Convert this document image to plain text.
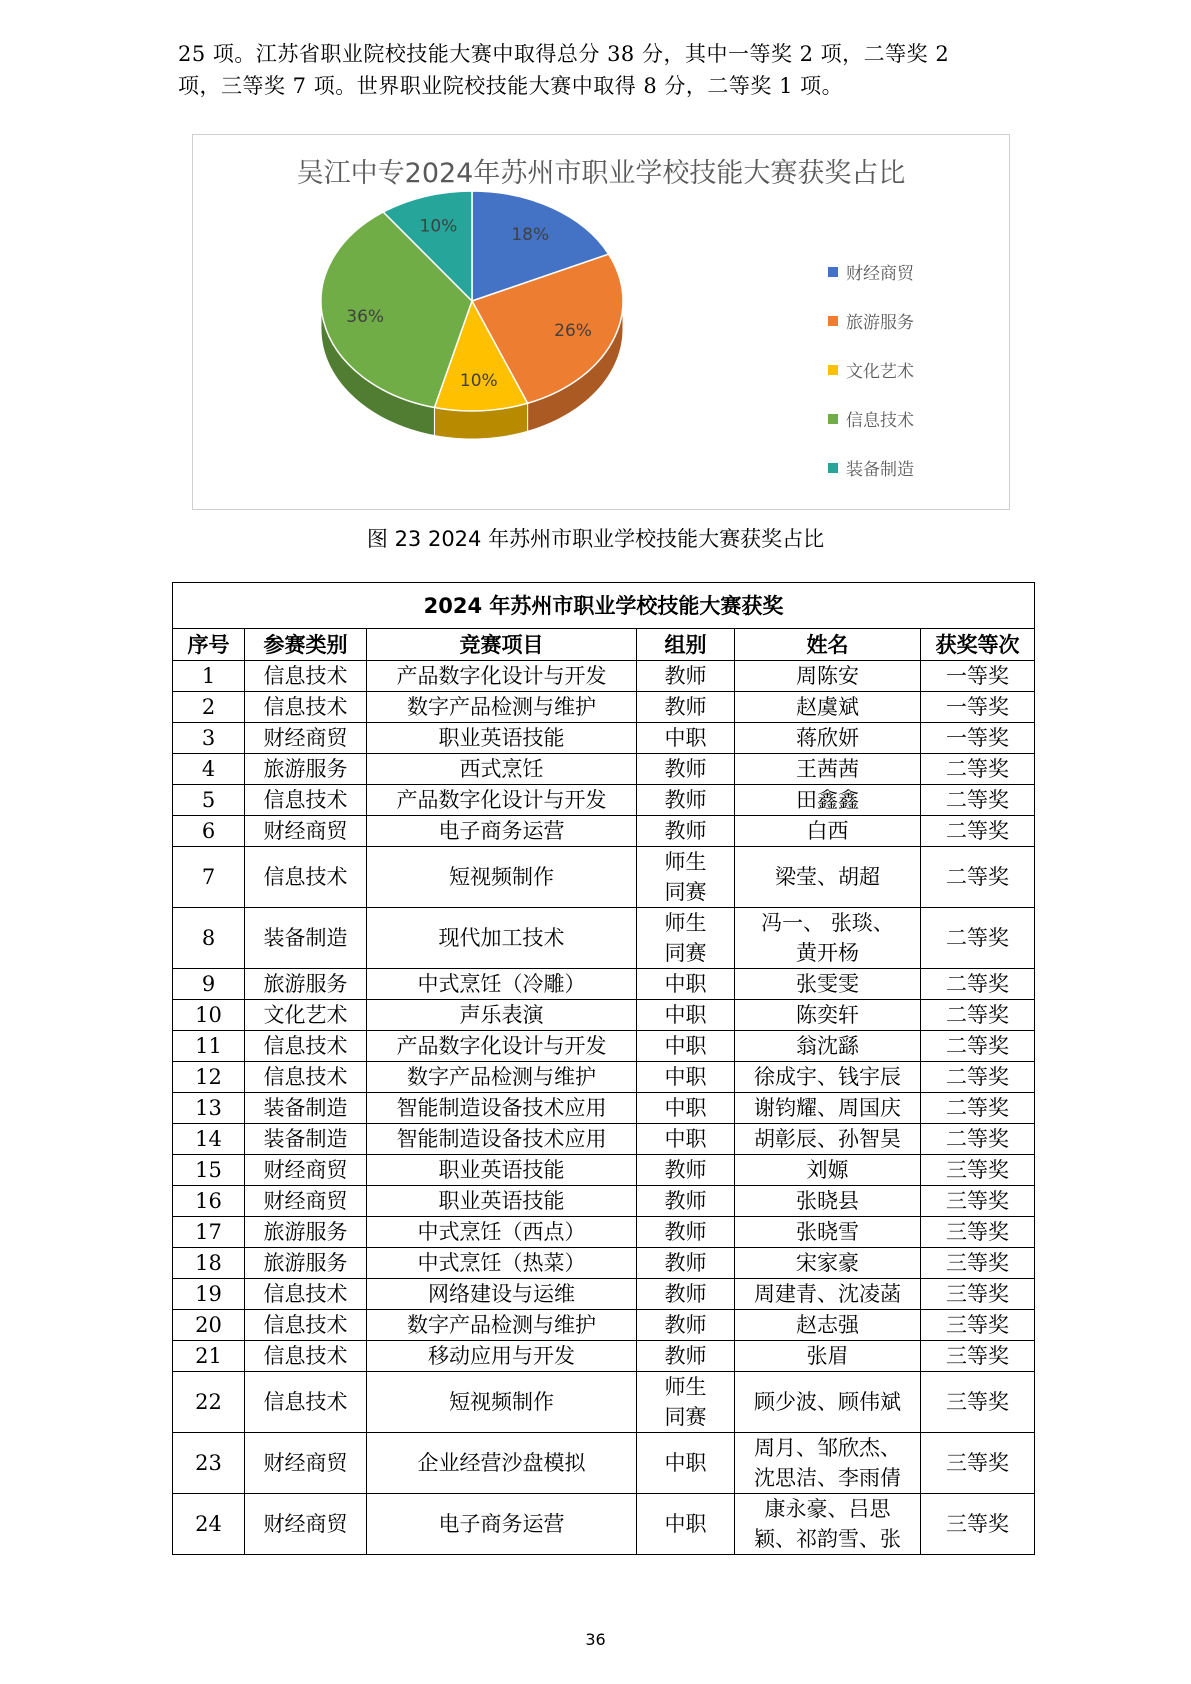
25 项。江苏省职业院校技能大赛中取得总分 38 分，其中一等奖 2 项，二等奖 2
项，三等奖 7 项。世界职业院校技能大赛中取得 8 分，二等奖 1 项。
吴江中专2024年苏州市职业学校技能大赛获奖占比
18%
26%
10%
36%
10%
财经商贸
旅游服务
文化艺术
信息技术
装备制造
图 23 2024 年苏州市职业学校技能大赛获奖占比
2024 年苏州市职业学校技能大赛获奖					
序号	参赛类别	竞赛项目	组别	姓名	获奖等次
1	信息技术	产品数字化设计与开发	教师	周陈安	一等奖
2	信息技术	数字产品检测与维护	教师	赵虞斌	一等奖
3	财经商贸	职业英语技能	中职	蒋欣妍	一等奖
4	旅游服务	西式烹饪	教师	王茜茜	二等奖
5	信息技术	产品数字化设计与开发	教师	田鑫鑫	二等奖
6	财经商贸	电子商务运营	教师	白西	二等奖
7	信息技术	短视频制作	师生
同赛	梁莹、胡超	二等奖
8	装备制造	现代加工技术	师生
同赛	冯一、 张琰、
黄开杨	二等奖
9	旅游服务	中式烹饪（冷雕）	中职	张雯雯	二等奖
10	文化艺术	声乐表演	中职	陈奕轩	二等奖
11	信息技术	产品数字化设计与开发	中职	翁沈繇	二等奖
12	信息技术	数字产品检测与维护	中职	徐成宇、钱宇辰	二等奖
13	装备制造	智能制造设备技术应用	中职	谢钧耀、周国庆	二等奖
14	装备制造	智能制造设备技术应用	中职	胡彰辰、孙智昊	二等奖
15	财经商贸	职业英语技能	教师	刘嫄	三等奖
16	财经商贸	职业英语技能	教师	张晓县	三等奖
17	旅游服务	中式烹饪（西点）	教师	张晓雪	三等奖
18	旅游服务	中式烹饪（热菜）	教师	宋家豪	三等奖
19	信息技术	网络建设与运维	教师	周建青、沈凌菡	三等奖
20	信息技术	数字产品检测与维护	教师	赵志强	三等奖
21	信息技术	移动应用与开发	教师	张眉	三等奖
22	信息技术	短视频制作	师生
同赛	顾少波、顾伟斌	三等奖
23	财经商贸	企业经营沙盘模拟	中职	周月、邹欣杰、
沈思洁、李雨倩	三等奖
24	财经商贸	电子商务运营	中职	康永豪、吕思
颖、祁韵雪、张	三等奖
36
